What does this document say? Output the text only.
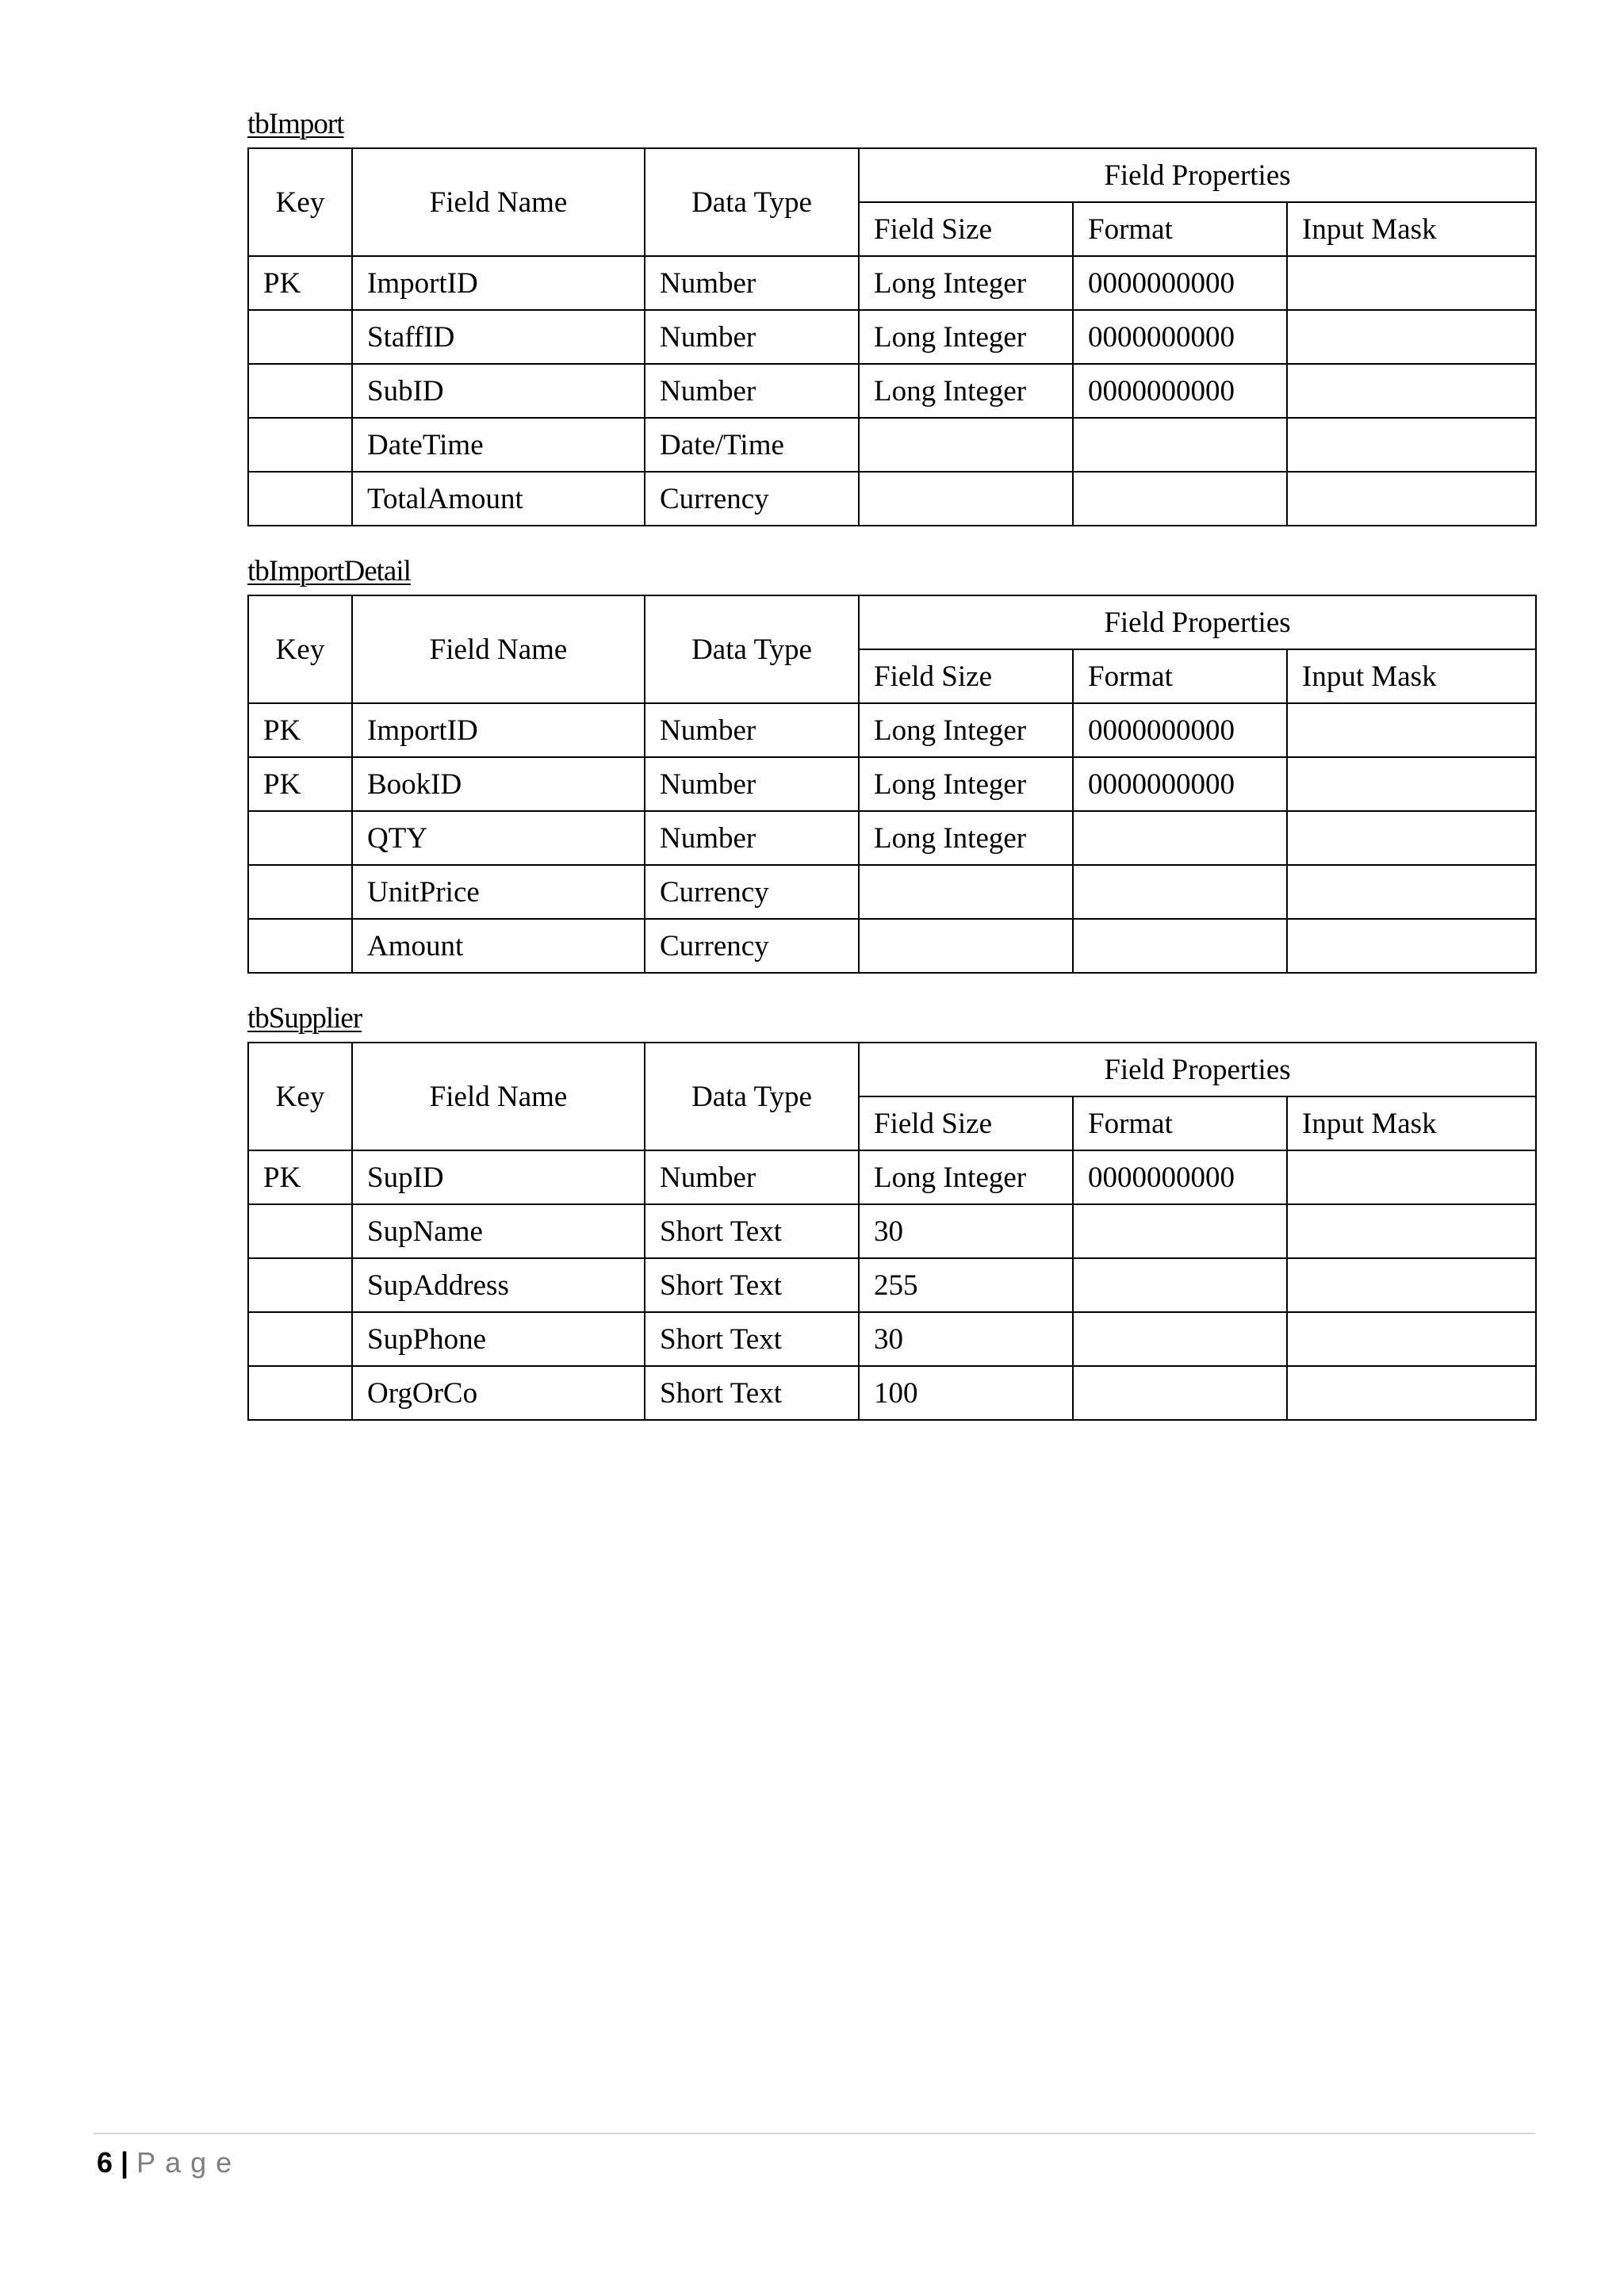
tbImport
Key	Field Name	Data Type	Field Properties		
			Field Size	Format	Input Mask
PK	ImportID	Number	Long Integer	0000000000	
	StaffID	Number	Long Integer	0000000000	
	SubID	Number	Long Integer	0000000000	
	DateTime	Date/Time			
	TotalAmount	Currency			
tbImportDetail
Key	Field Name	Data Type	Field Properties		
			Field Size	Format	Input Mask
PK	ImportID	Number	Long Integer	0000000000	
PK	BookID	Number	Long Integer	0000000000	
	QTY	Number	Long Integer		
	UnitPrice	Currency			
	Amount	Currency			
tbSupplier
Key	Field Name	Data Type	Field Properties		
			Field Size	Format	Input Mask
PK	SupID	Number	Long Integer	0000000000	
	SupName	Short Text	30		
	SupAddress	Short Text	255		
	SupPhone	Short Text	30		
	OrgOrCo	Short Text	100		
6 | Page
